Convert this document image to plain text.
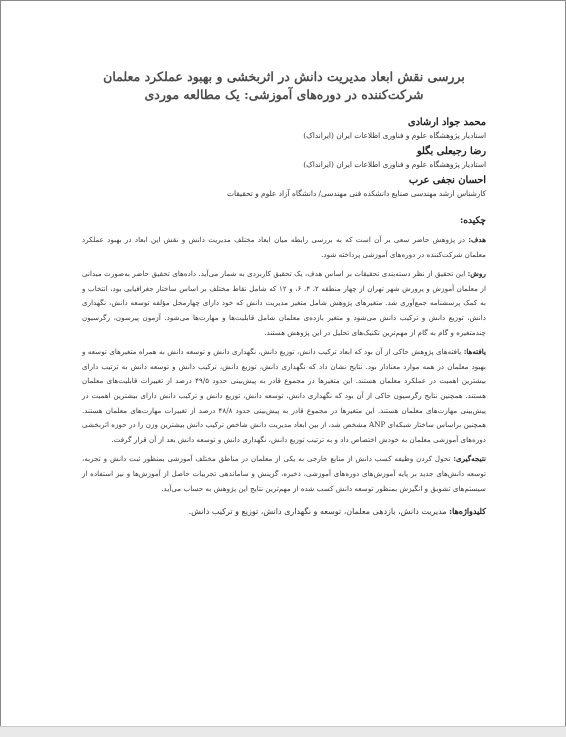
بررسی نقش ابعاد مدیریت دانش در اثربخشی و بهبود عملکرد معلمان شرکت‌کننده در دوره‌های آموزشی: یک مطالعه موردی
محمد جواد ارشادی
استادیار پژوهشگاه علوم و فناوری اطلاعات ایران (ایرانداک)
رضا رجبعلی بگلو
استادیار پژوهشگاه علوم و فناوری اطلاعات ایران (ایرانداک)
احسان نجفی عرب
کارشناس ارشد مهندسی صنایع دانشکده فنی مهندسی/ دانشگاه آزاد علوم و تحقیقات
چکیده:

هدف: در پژوهش حاضر سعی بر آن است که به بررسی رابطه میان ابعاد مختلف مدیریت دانش و نقش این ابعاد در بهبود عملکرد معلمان شرکت‌کننده در دوره‌های آموزشی پرداخته شود.

روش: این تحقیق از نظر دسته‌بندی تحقیقات بر اساس هدف، یک تحقیق کاربردی به شمار می‌آید. داده‌های تحقیق حاضر به‌صورت میدانی از معلمان آموزش و پرورش شهر تهران از چهار منطقه ۲، ۴، ۶، و ۱۲ که شامل نقاط مختلف بر اساس ساختار جغرافیایی بود، انتخاب و به کمک پرسشنامه جمع‌آوری شد. متغیرهای پژوهش شامل متغیر مدیریت دانش که خود دارای چهارمحل مؤلفه توسعه دانش، نگهداری دانش، توزیع دانش و ترکیب دانش می‌شود و متغیر بازده‌ی معلمان شامل قابلیت‌ها و مهارت‌ها می‌شود. آزمون پیرسون، رگرسیون چندمتغیره و گام به گام از مهم‌ترین تکنیک‌های تحلیل در این پژوهش هستند.

یافته‌ها: یافته‌های پژوهش حاکی از آن بود که ابعاد ترکیب دانش، توزیع دانش، نگهداری دانش و توسعه دانش به همراه متغیرهای توسعه و بهبود معلمان در همه موارد معنادار بود. نتایج نشان داد که نگهداری دانش، توزیع دانش، ترکیب دانش و توسعه دانش به ترتیب دارای بیشترین اهمیت در عملکرد معلمان هستند. این متغیرها در مجموع قادر به پیش‌بینی حدود ۴۹/۵ درصد از تغییرات قابلیت‌های معلمان هستند. همچنین نتایج رگرسیون حاکی از آن بود که نگهداری دانش، توسعه دانش، توزیع دانش و ترکیب دانش دارای بیشترین اهمیت در پیش‌بینی مهارت‌های معلمان هستند. این متغیرها در مجموع قادر به پیش‌بینی حدود ۴۸/۸ درصد از تغییرات مهارت‌های معلمان هستند. همچنین براساس ساختار شبکه‌ای ANP مشخص شد، از بین ابعاد مدیریت دانش شاخص ترکیب دانش بیشترین وزن را در حوزه اثربخشی دوره‌های آموزشی معلمان به خودش اختصاص داد و به ترتیب توزیع دانش، نگهداری دانش و توسعه دانش بعد از آن قرار گرفت.

نتیجه‌گیری: تحول کردن وظیفه کسب دانش از منابع خارجی به یکی از معلمان در مناطق مختلف آموزشی بمنظور ثبت دانش و تجربه، توسعه دانش‌های جدید بر پایه آموزش‌های دوره‌های آموزشی، ذخیره، گزینش و ساماندهی تجربیات حاصل از آموزش‌ها و نیز استفاده از سیستم‌های تشویق و انگیزش بمنظور توسعه دانش کسب شده از مهم‌ترین نتایج این پژوهش به حساب می‌آید.

کلیدواژه‌ها: مدیریت دانش، بازدهی معلمان، توسعه و نگهداری دانش، توزیع و ترکیب دانش.
